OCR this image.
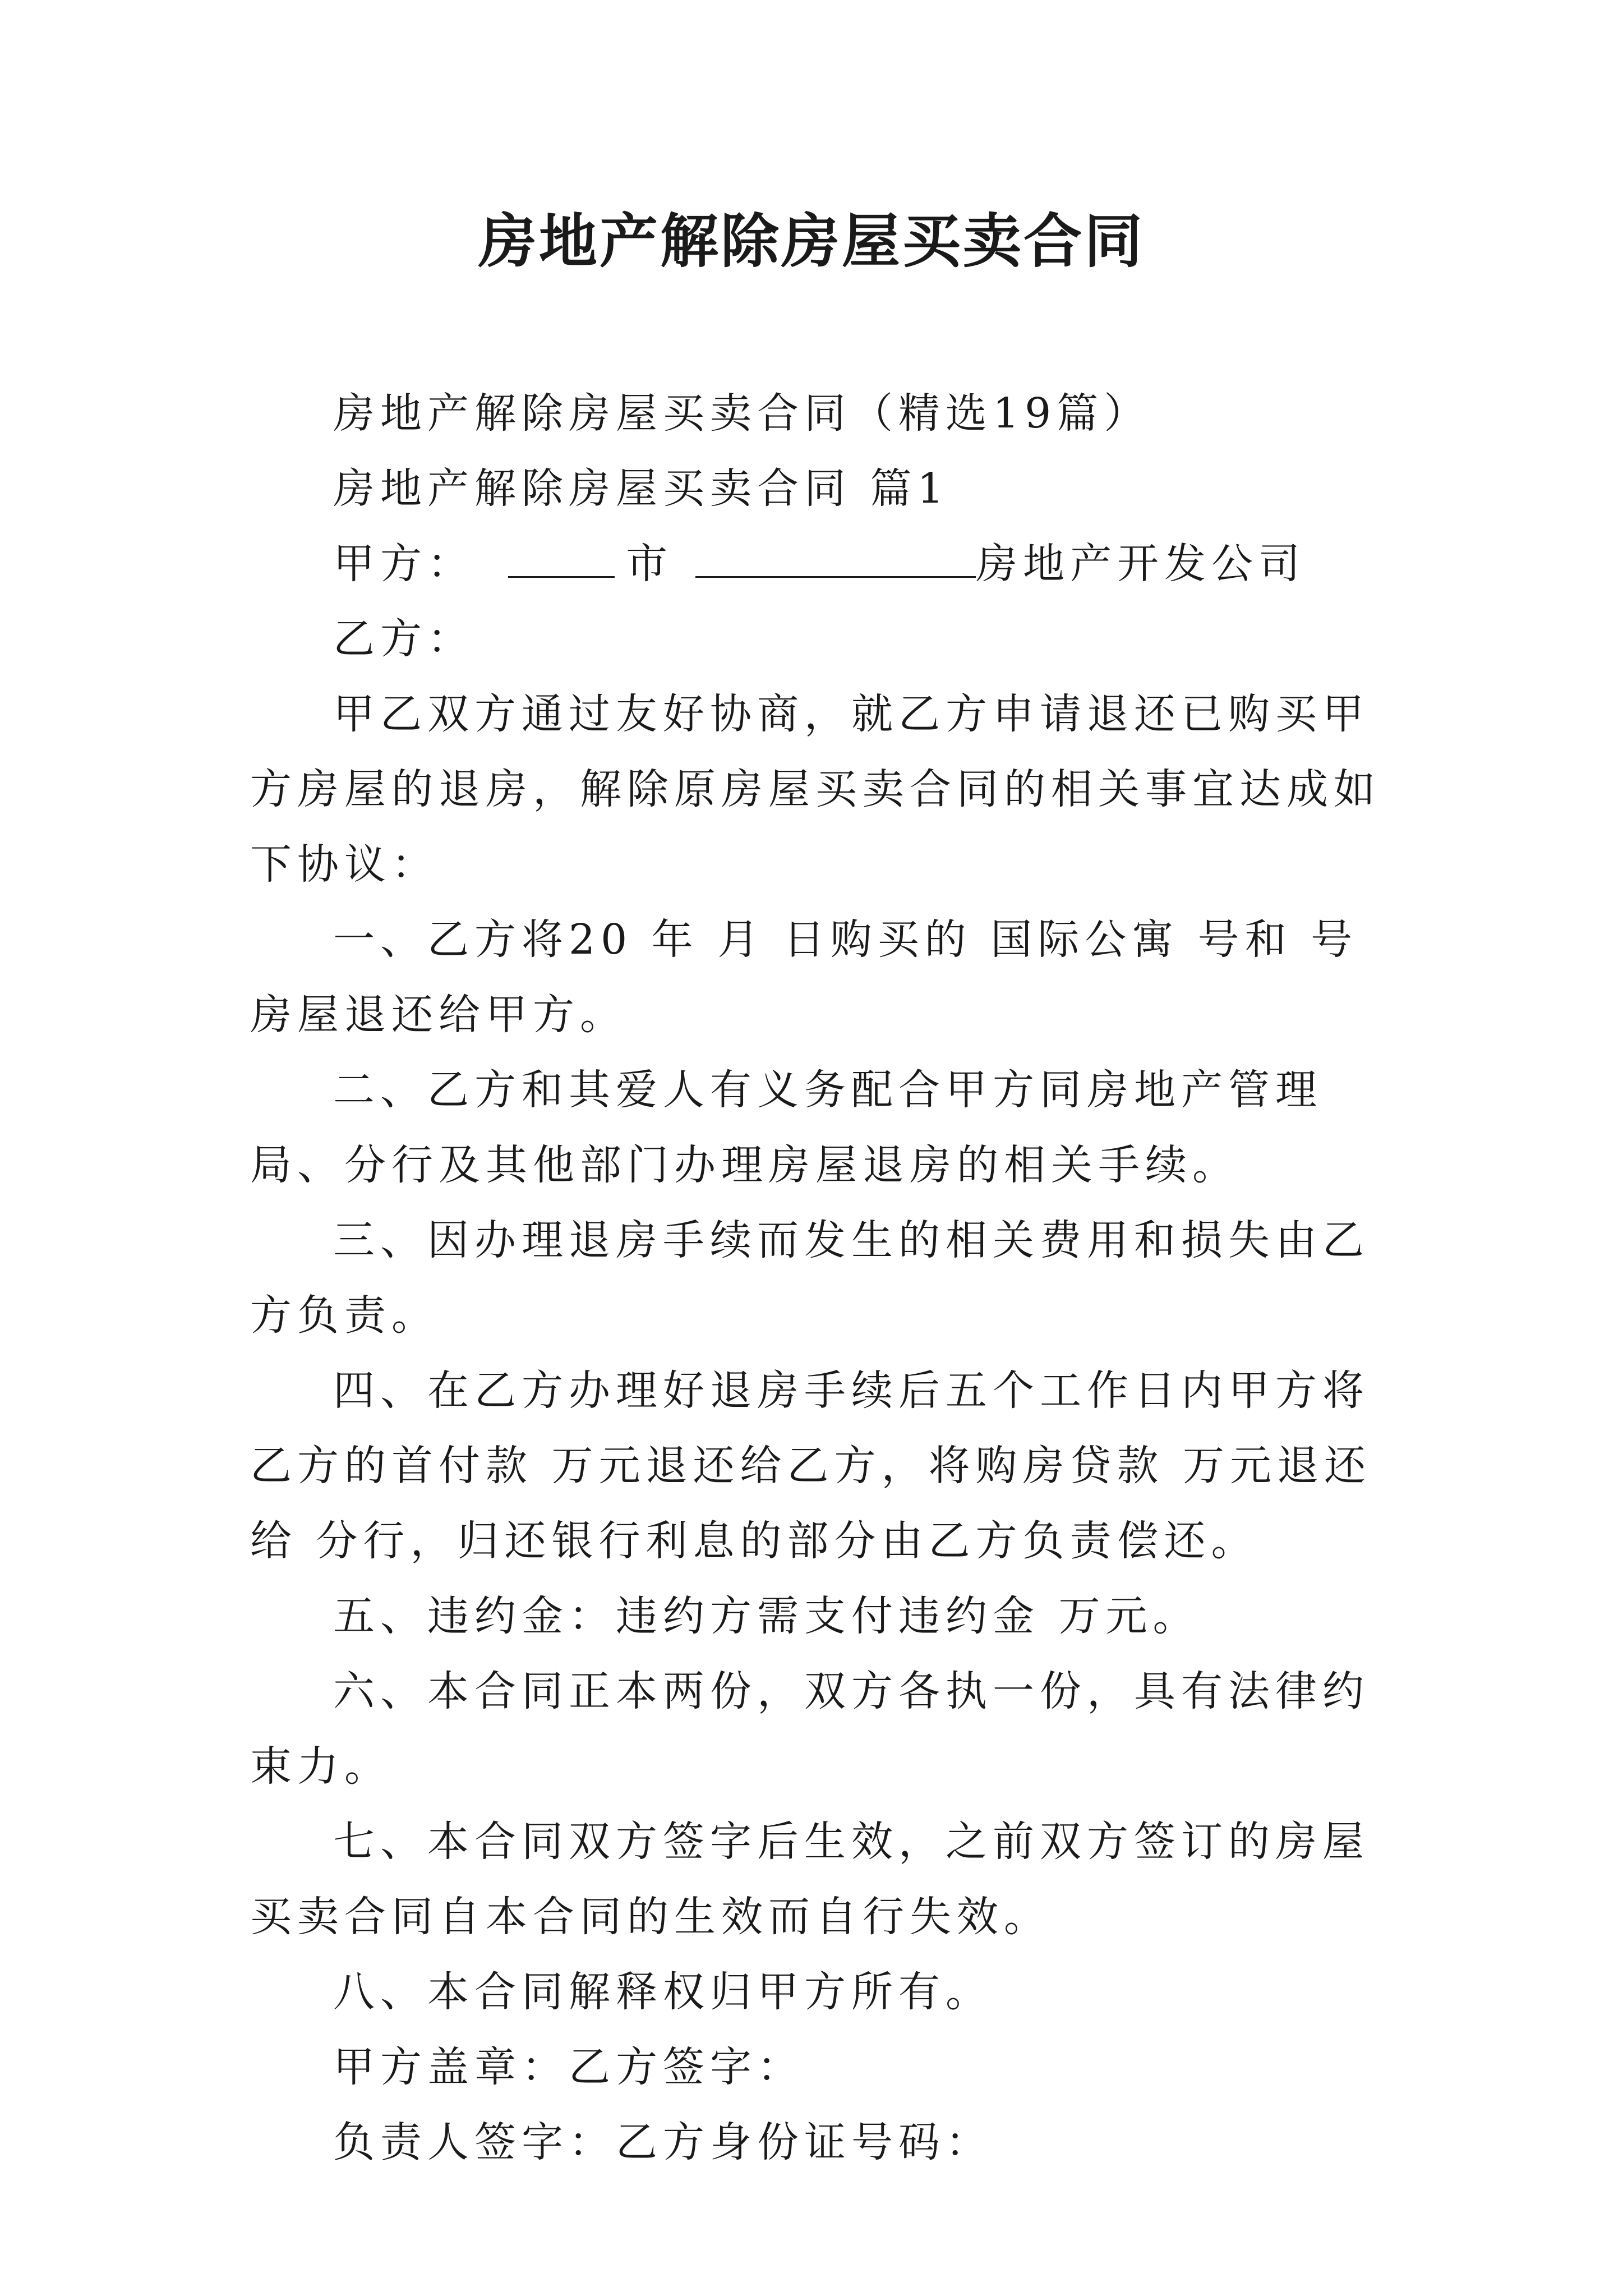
房地产解除房屋买卖合同

房地产解除房屋买卖合同（精选19篇）

房地产解除房屋买卖合同 篇1

甲方：	市	房地产开发公司

乙方：

甲乙双方通过友好协商，就乙方申请退还已购买甲方房屋的退房，解除原房屋买卖合同的相关事宜达成如下协议：

一、乙方将20 年 月 日购买的 国际公寓 号和 号房屋退还给甲方。

二、乙方和其爱人有义务配合甲方同房地产管理局、分行及其他部门办理房屋退房的相关手续。

三、因办理退房手续而发生的相关费用和损失由乙方负责。

四、在乙方办理好退房手续后五个工作日内甲方将乙方的首付款 万元退还给乙方，将购房贷款 万元退还给 分行，归还银行利息的部分由乙方负责偿还。

五、违约金：违约方需支付违约金 万元。

六、本合同正本两份，双方各执一份，具有法律约束力。

七、本合同双方签字后生效，之前双方签订的房屋买卖合同自本合同的生效而自行失效。

八、本合同解释权归甲方所有。

甲方盖章：乙方签字：

负责人签字：乙方身份证号码：
